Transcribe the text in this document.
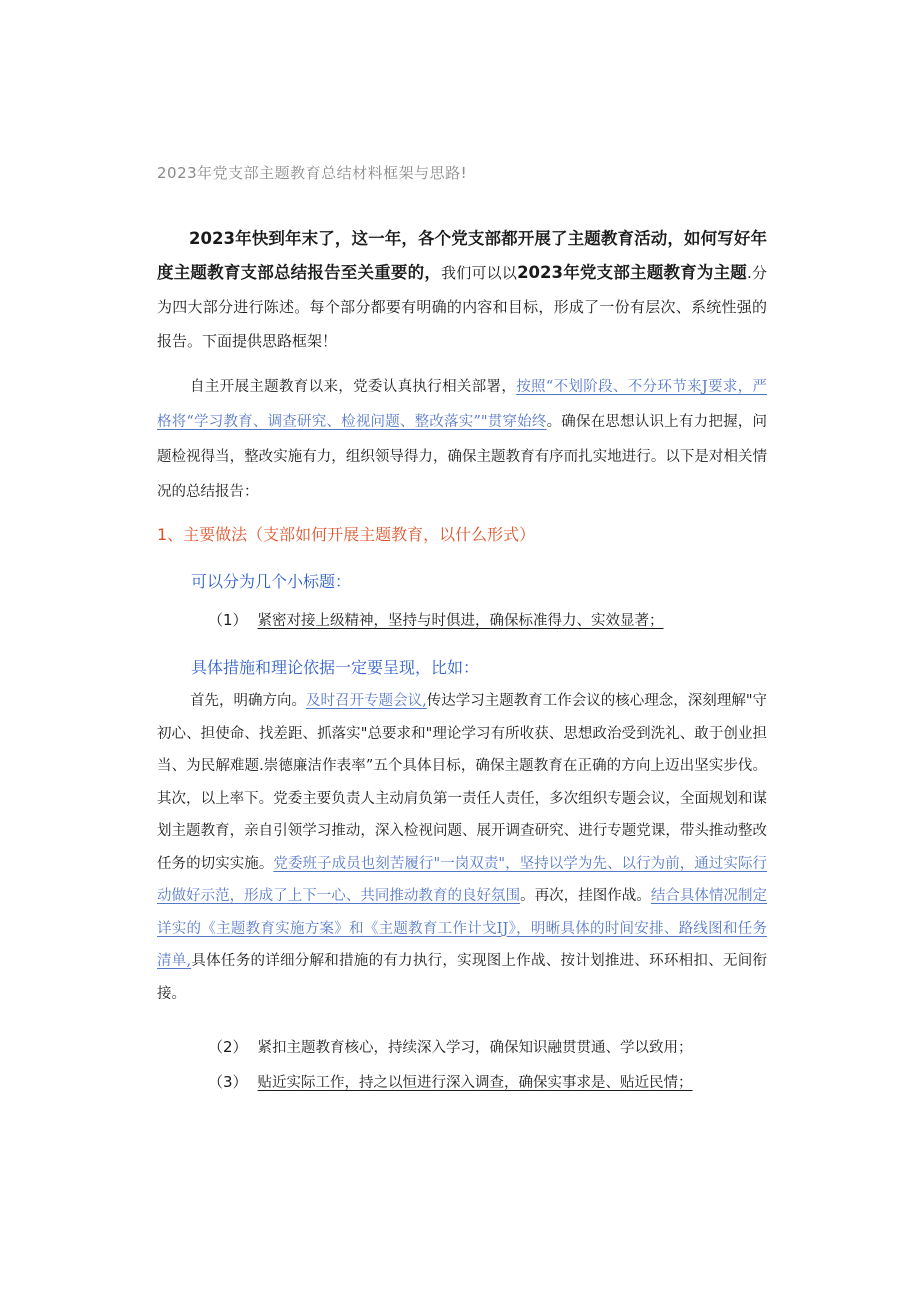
2023年党支部主题教育总结材料框架与思路!
2023年快到年末了，这一年，各个党支部都开展了主题教育活动，如何写好年度主题教育支部总结报告至关重要的，我们可以以2023年党支部主题教育为主题.分为四大部分进行陈述。每个部分都要有明确的内容和目标，形成了一份有层次、系统性强的报告。下面提供思路框架！
自主开展主题教育以来，党委认真执行相关部署，按照“不划阶段、不分环节来J要求，严格将“学习教育、调查研究、检视问题、整改落实”"贯穿始终。确保在思想认识上有力把握，问题检视得当，整改实施有力，组织领导得力，确保主题教育有序而扎实地进行。以下是对相关情况的总结报告：
1、主要做法（支部如何开展主题教育，以什么形式）
可以分为几个小标题：
（1） 紧密对接上级精神，坚持与时俱进，确保标准得力、实效显著；
具体措施和理论依据一定要呈现，比如：
首先，明确方向。及时召开专题会议,传达学习主题教育工作会议的核心理念，深刻理解"守初心、担使命、找差距、抓落实"总要求和"理论学习有所收获、思想政治受到洗礼、敢于创业担当、为民解难题.崇德廉洁作表率”五个具体目标，确保主题教育在正确的方向上迈出坚实步伐。其次，以上率下。党委主要负责人主动肩负第一责任人责任，多次组织专题会议，全面规划和谋划主题教育，亲自引领学习推动，深入检视问题、展开调查研究、进行专题党课，带头推动整改任务的切实实施。党委班子成员也刻苦履行"一岗双责"，坚持以学为先、以行为前，通过实际行动做好示范，形成了上下一心、共同推动教育的良好氛围。再次，挂图作战。结合具体情况制定详实的《主题教育实施方案》和《主题教育工作计戈IJ》，明晰具体的时间安排、路线图和任务清单,具体任务的详细分解和措施的有力执行，实现图上作战、按计划推进、环环相扣、无间衔接。
（2） 紧扣主题教育核心，持续深入学习，确保知识融贯贯通、学以致用；
（3） 贴近实际工作，持之以恒进行深入调查，确保实事求是、贴近民情；
